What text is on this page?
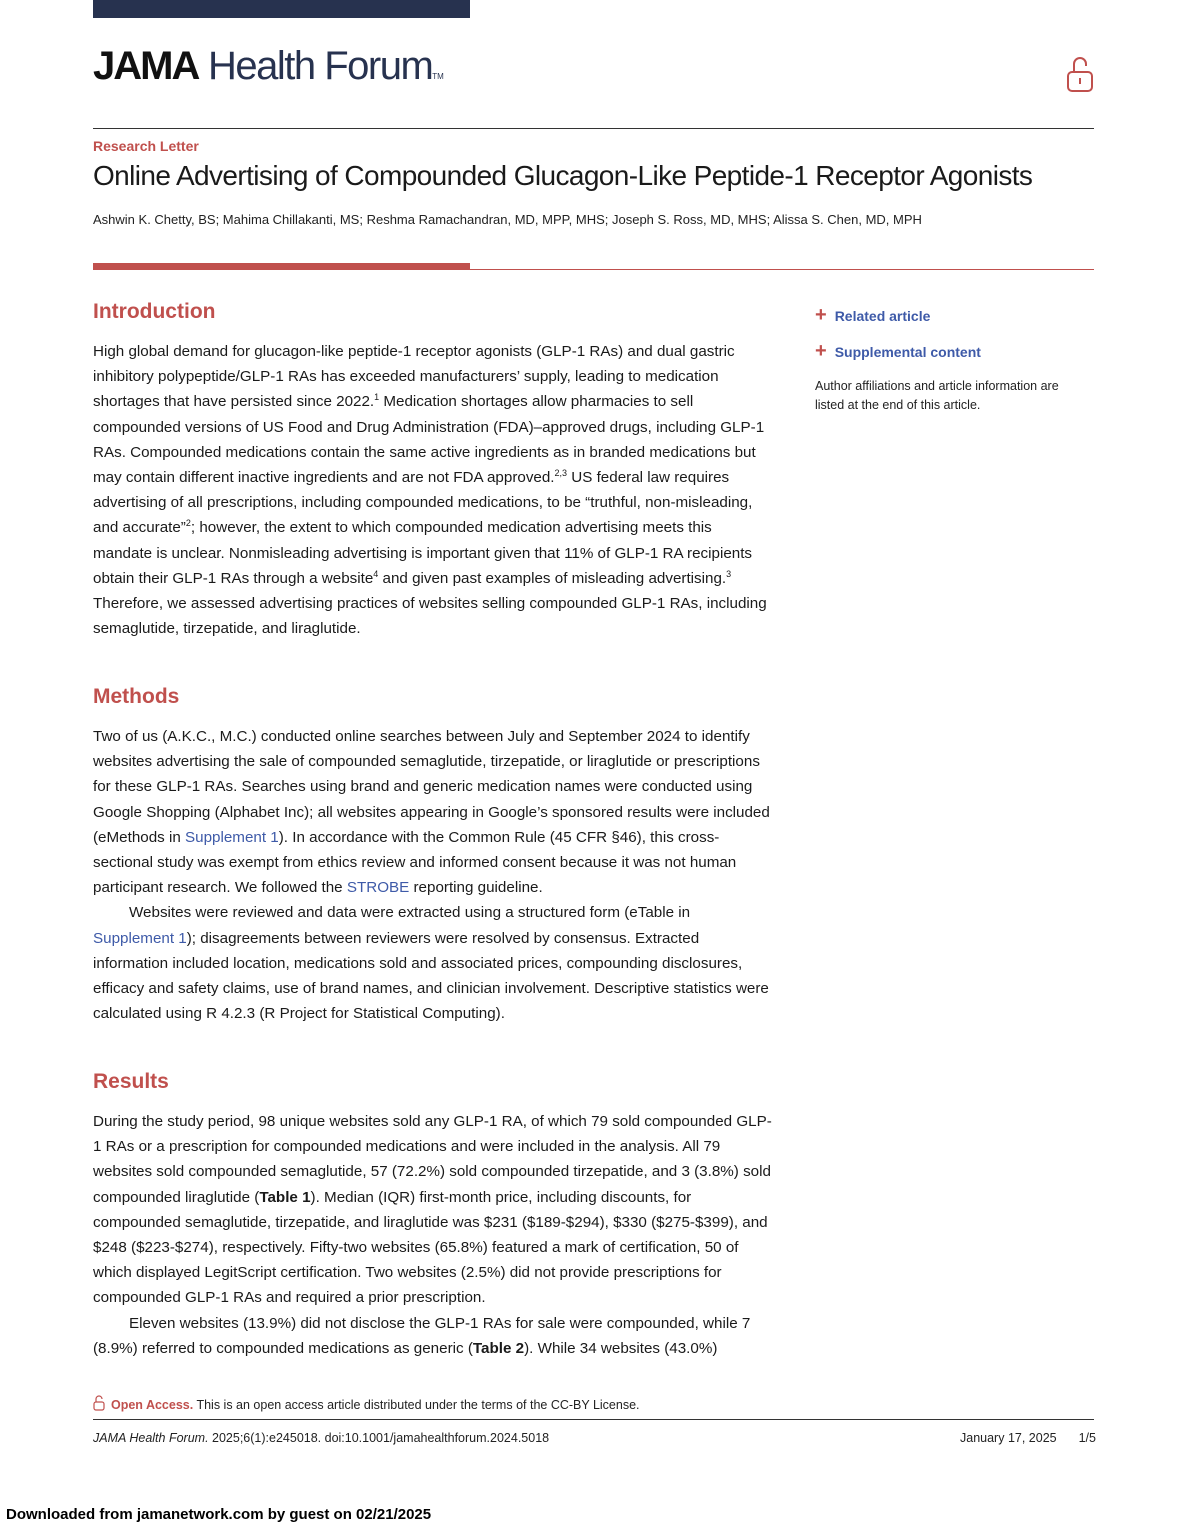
JAMA Health ForumTM
Research Letter
Online Advertising of Compounded Glucagon-Like Peptide-1 Receptor Agonists
Ashwin K. Chetty, BS; Mahima Chillakanti, MS; Reshma Ramachandran, MD, MPP, MHS; Joseph S. Ross, MD, MHS; Alissa S. Chen, MD, MPH
+ Related article
+ Supplemental content
Author affiliations and article information are listed at the end of this article.
Introduction

High global demand for glucagon-like peptide-1 receptor agonists (GLP-1 RAs) and dual gastric inhibitory polypeptide/GLP-1 RAs has exceeded manufacturers’ supply, leading to medication shortages that have persisted since 2022.$^1$ Medication shortages allow pharmacies to sell compounded versions of US Food and Drug Administration (FDA)–approved drugs, including GLP-1 RAs. Compounded medications contain the same active ingredients as in branded medications but may contain different inactive ingredients and are not FDA approved.$^{2,3}$ US federal law requires advertising of all prescriptions, including compounded medications, to be “truthful, non-misleading, and accurate”$^2$; however, the extent to which compounded medication advertising meets this mandate is unclear. Nonmisleading advertising is important given that 11% of GLP-1 RA recipients obtain their GLP-1 RAs through a website$^4$ and given past examples of misleading advertising.$^3$ Therefore, we assessed advertising practices of websites selling compounded GLP-1 RAs, including semaglutide, tirzepatide, and liraglutide.

Methods

Two of us (A.K.C., M.C.) conducted online searches between July and September 2024 to identify websites advertising the sale of compounded semaglutide, tirzepatide, or liraglutide or prescriptions for these GLP-1 RAs. Searches using brand and generic medication names were conducted using Google Shopping (Alphabet Inc); all websites appearing in Google’s sponsored results were included (eMethods in Supplement 1). In accordance with the Common Rule (45 CFR §46), this cross-sectional study was exempt from ethics review and informed consent because it was not human participant research. We followed the STROBE reporting guideline.

Websites were reviewed and data were extracted using a structured form (eTable in Supplement 1); disagreements between reviewers were resolved by consensus. Extracted information included location, medications sold and associated prices, compounding disclosures, efficacy and safety claims, use of brand names, and clinician involvement. Descriptive statistics were calculated using R 4.2.3 (R Project for Statistical Computing).

Results

During the study period, 98 unique websites sold any GLP-1 RA, of which 79 sold compounded GLP-1 RAs or a prescription for compounded medications and were included in the analysis. All 79 websites sold compounded semaglutide, 57 (72.2%) sold compounded tirzepatide, and 3 (3.8%) sold compounded liraglutide (Table 1). Median (IQR) first-month price, including discounts, for compounded semaglutide, tirzepatide, and liraglutide was $231 ($189-$294), $330 ($275-$399), and $248 ($223-$274), respectively. Fifty-two websites (65.8%) featured a mark of certification, 50 of which displayed LegitScript certification. Two websites (2.5%) did not provide prescriptions for compounded GLP-1 RAs and required a prior prescription.

Eleven websites (13.9%) did not disclose the GLP-1 RAs for sale were compounded, while 7 (8.9%) referred to compounded medications as generic (Table 2). While 34 websites (43.0%)

Open Access. This is an open access article distributed under the terms of the CC-BY License.
JAMA Health Forum. 2025;6(1):e245018. doi:10.1001/jamahealthforum.2024.5018	January 17, 2025 1/5
Downloaded from jamanetwork.com by guest on 02/21/2025
